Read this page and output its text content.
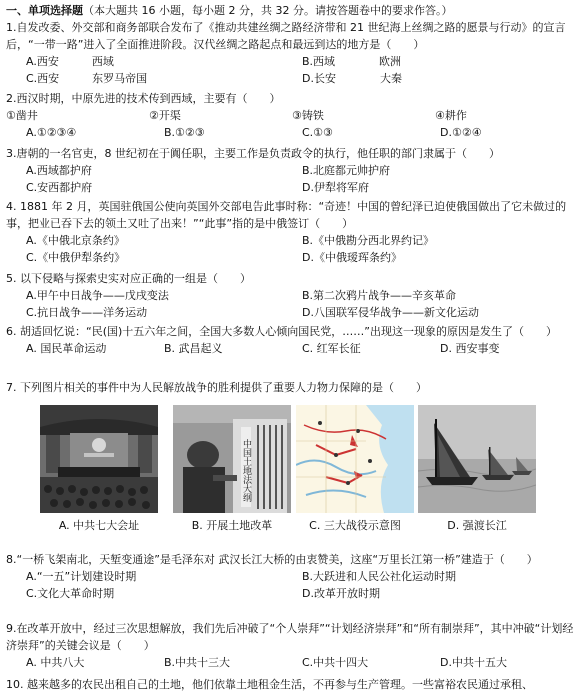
一、单项选择题（本大题共 16 小题，每小题 2 分，共 32 分。请按答题卷中的要求作答。）
1.自发改委、外交部和商务部联合发布了《推动共建丝绸之路经济带和 21 世纪海上丝绸之路的愿景与行动》的宣言后，“一带一路”进入了全面推进阶段。汉代丝绸之路起点和最远到达的地方是（　　）
A.西安　　　西域	B.西域　　　　欧洲
C.西安　　　东罗马帝国	D.长安　　　　大秦
2.西汉时期，中原先进的技术传到西域，主要有（　　）
①凿井	②开渠	③铸铁	④耕作
A.①②③④	B.①②③	C.①③	D.①②④
3.唐朝的一名官吏，8 世纪初在于阗任职，主要工作是负责政令的执行，他任职的部门隶属于（　　）
A.西域都护府	B.北庭都元帅护府
C.安西都护府	D.伊犁将军府
4. 1881 年 2 月，英国驻俄国公使向英国外交部电告此事时称：“奇迹！中国的曾纪泽已迫使俄国做出了它未做过的事，把业已吞下去的领土又吐了出来！”“此事”指的是中俄签订（　　）
A.《中俄北京条约》	B.《中俄勘分西北界约记》
C.《中俄伊犁条约》	D.《中俄瑷珲条约》
5. 以下侵略与探索史实对应正确的一组是（　　）
A.甲午中日战争——戊戌变法	B.第二次鸦片战争——辛亥革命
C.抗日战争——洋务运动	D.八国联军侵华战争——新文化运动
6. 胡适回忆说：“民(国)十五六年之间，全国大多数人心倾向国民党，……”出现这一现象的原因是发生了（　　）
A. 国民革命运动	B. 武昌起义	C. 红军长征	D. 西安事变
7. 下列图片相关的事件中为人民解放战争的胜利提供了重要人力物力保障的是（　　）
A. 中共七大会址
中国土地法大纲
B. 开展土地改革	C. 三大战役示意图	D. 强渡长江
8.“一桥飞架南北，天堑变通途”是毛泽东对 武汉长江大桥的由衷赞美，这座“万里长江第一桥”建造于（　　）
A.“一五”计划建设时期	B.大跃进和人民公社化运动时期
C.文化大革命时期	D.改革开放时期
9.在改革开放中，经过三次思想解放，我们先后冲破了“个人崇拜”“计划经济崇拜”和“所有制崇拜”，其中冲破“计划经济崇拜”的关键会议是（　　）
A. 中共八大	B.中共十三大	C.中共十四大	D.中共十五大
10. 越来越多的农民出租自己的土地，他们依靠土地租金生活，不再参与生产管理。一些富裕农民通过承租、
